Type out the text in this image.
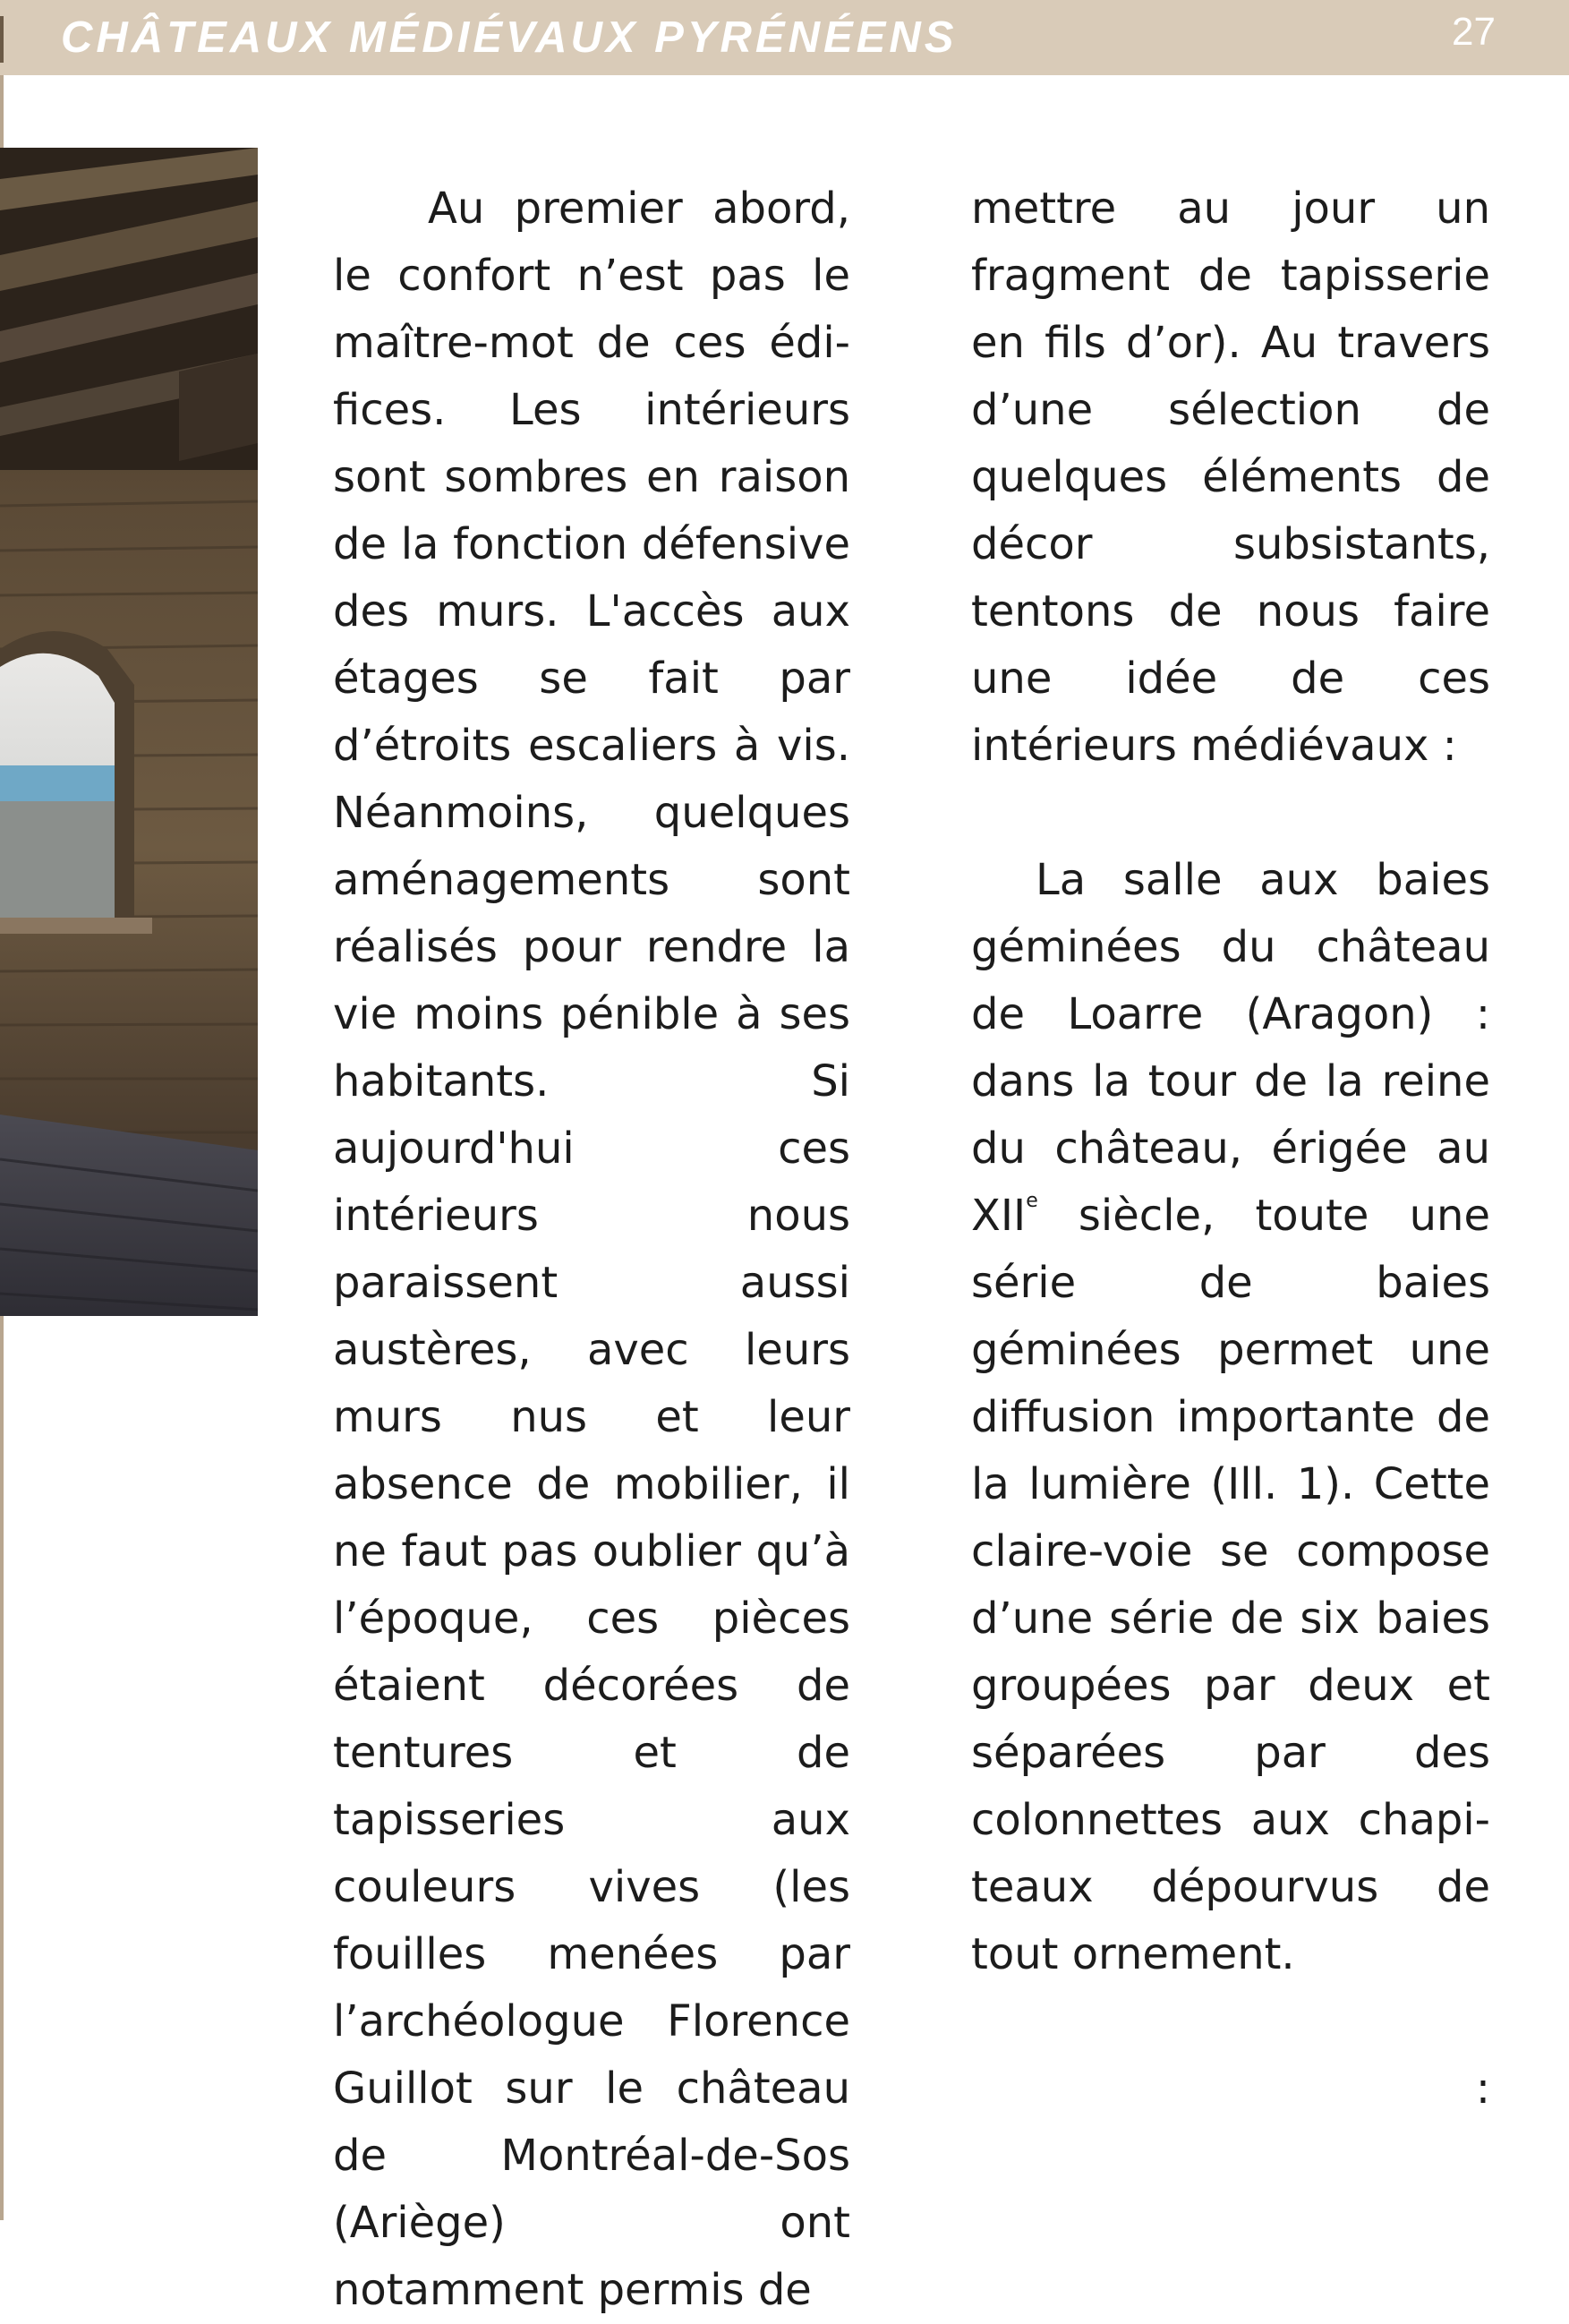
CHÂTEAUX MÉDIÉVAUX PYRÉNÉENS	27

Au premier abord, le confort n’est pas le maître-mot de ces édifices. Les intérieurs sont sombres en raison de la fonction défensive des murs. L'accès aux étages se fait par d’étroits escaliers à vis. Néanmoins, quelques aménagements sont réalisés pour rendre la vie moins pénible à ses habitants. Si aujourd'hui ces intérieurs nous paraissent aussi austères, avec leurs murs nus et leur absence de mobilier, il ne faut pas oublier qu’à l’époque, ces pièces étaient décorées de tentures et de tapisseries aux couleurs vives (les fouilles menées par l’archéologue Florence Guillot sur le château de Montréal-de-Sos (Ariège) ont notamment permis de

mettre au jour un fragment de tapisserie en fils d’or). Au travers d’une sélection de quelques éléments de décor subsistants, tentons de nous faire une idée de ces intérieurs médiévaux :

La salle aux baies géminées du château de Loarre (Aragon) : dans la tour de la reine du château, érigée au XIIe siècle, toute une série de baies géminées permet une diffusion importante de la lumière (Ill. 1). Cette claire-voie se compose d’une série de six baies groupées par deux et séparées par des colonnettes aux chapiteaux dépourvus de tout ornement.

:
